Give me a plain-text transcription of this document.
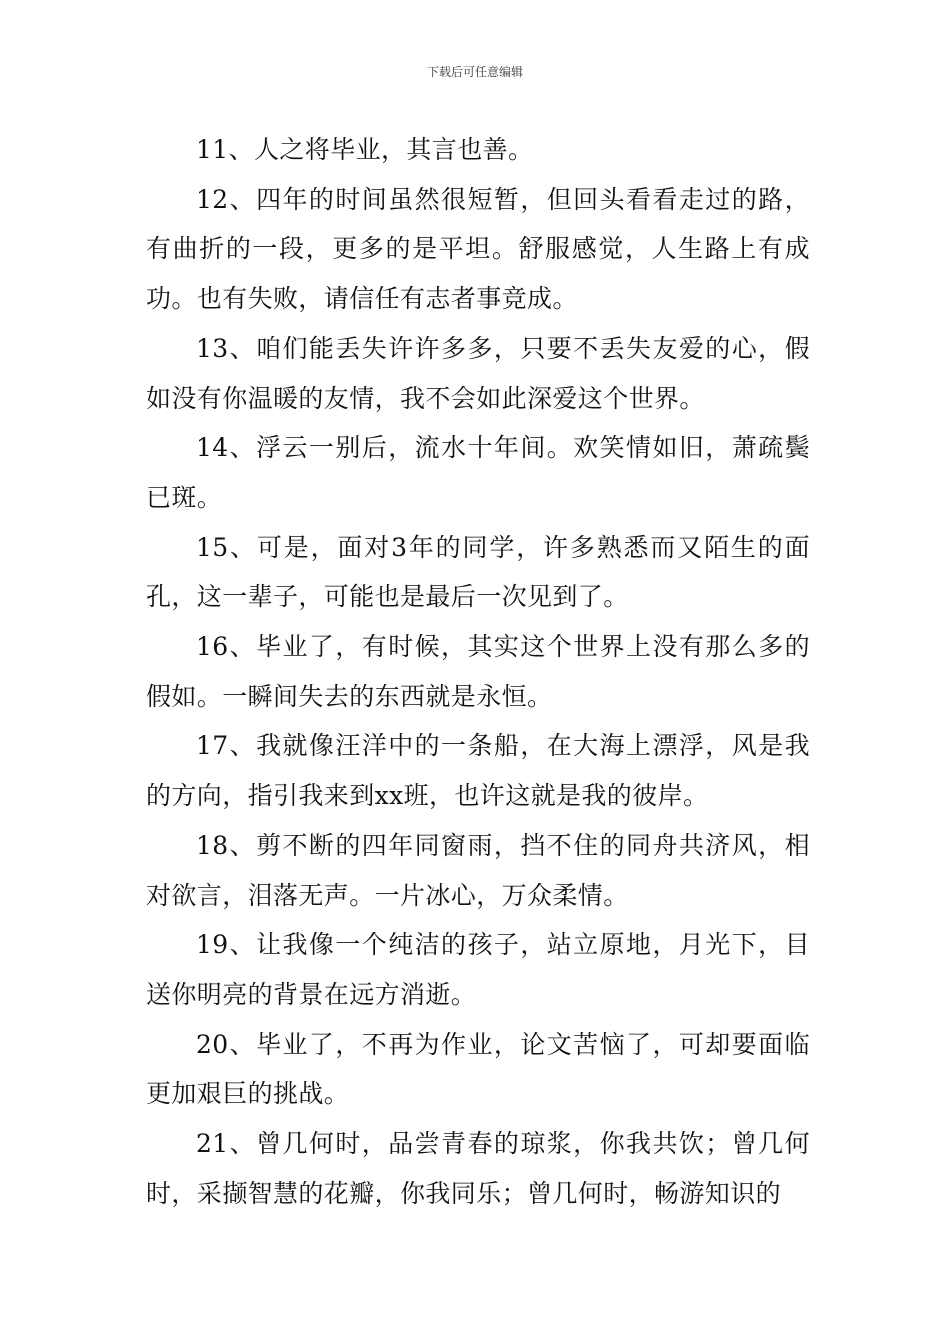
下载后可任意编辑

11、人之将毕业，其言也善。

12、四年的时间虽然很短暂，但回头看看走过的路，有曲折的一段，更多的是平坦。舒服感觉，人生路上有成功。也有失败，请信任有志者事竞成。

13、咱们能丢失许许多多，只要不丢失友爱的心，假如没有你温暖的友情，我不会如此深爱这个世界。

14、浮云一别后，流水十年间。欢笑情如旧，萧疏鬓已斑。

15、可是，面对3年的同学，许多熟悉而又陌生的面孔，这一辈子，可能也是最后一次见到了。

16、毕业了，有时候，其实这个世界上没有那么多的假如。一瞬间失去的东西就是永恒。

17、我就像汪洋中的一条船，在大海上漂浮，风是我的方向，指引我来到xx班，也许这就是我的彼岸。

18、剪不断的四年同窗雨，挡不住的同舟共济风，相对欲言，泪落无声。一片冰心，万众柔情。

19、让我像一个纯洁的孩子，站立原地，月光下，目送你明亮的背景在远方消逝。

20、毕业了，不再为作业，论文苦恼了，可却要面临更加艰巨的挑战。

21、曾几何时，品尝青春的琼浆，你我共饮；曾几何时，采撷智慧的花瓣，你我同乐；曾几何时，畅游知识的
